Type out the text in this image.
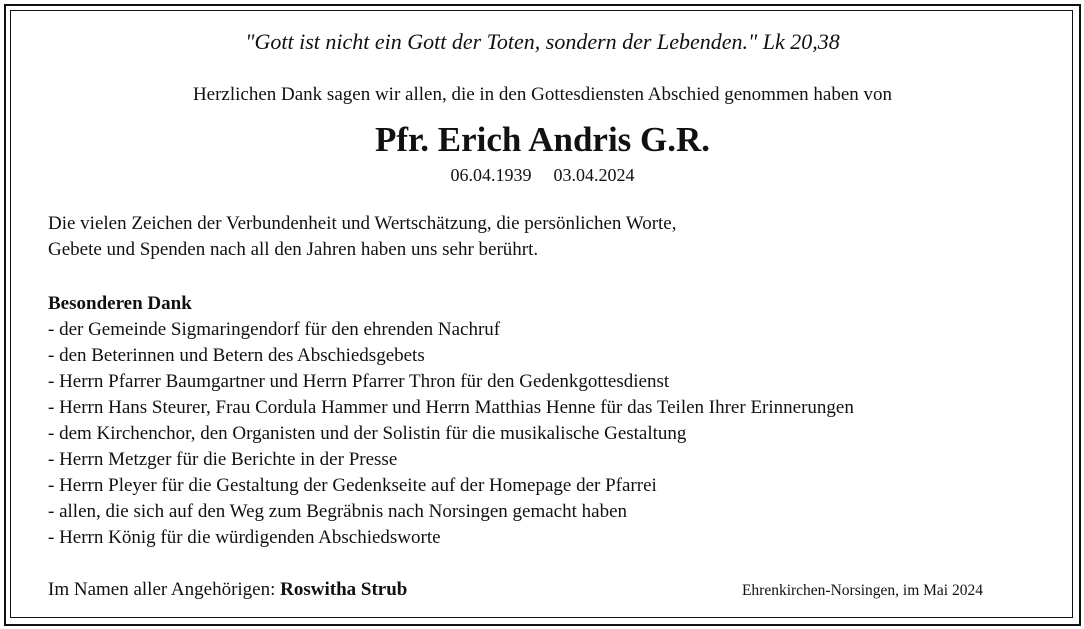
"Gott ist nicht ein Gott der Toten, sondern der Lebenden." Lk 20,38
Herzlichen Dank sagen wir allen, die in den Gottesdiensten Abschied genommen haben von
Pfr. Erich Andris G.R.
06.04.1939 03.04.2024
Die vielen Zeichen der Verbundenheit und Wertschätzung, die persönlichen Worte,
Gebete und Spenden nach all den Jahren haben uns sehr berührt.
Besonderen Dank
- der Gemeinde Sigmaringendorf für den ehrenden Nachruf
- den Beterinnen und Betern des Abschiedsgebets
- Herrn Pfarrer Baumgartner und Herrn Pfarrer Thron für den Gedenkgottesdienst
- Herrn Hans Steurer, Frau Cordula Hammer und Herrn Matthias Henne für das Teilen Ihrer Erinnerungen
- dem Kirchenchor, den Organisten und der Solistin für die musikalische Gestaltung
- Herrn Metzger für die Berichte in der Presse
- Herrn Pleyer für die Gestaltung der Gedenkseite auf der Homepage der Pfarrei
- allen, die sich auf den Weg zum Begräbnis nach Norsingen gemacht haben
- Herrn König für die würdigenden Abschiedsworte
Im Namen aller Angehörigen: Roswitha Strub	Ehrenkirchen-Norsingen, im Mai 2024
